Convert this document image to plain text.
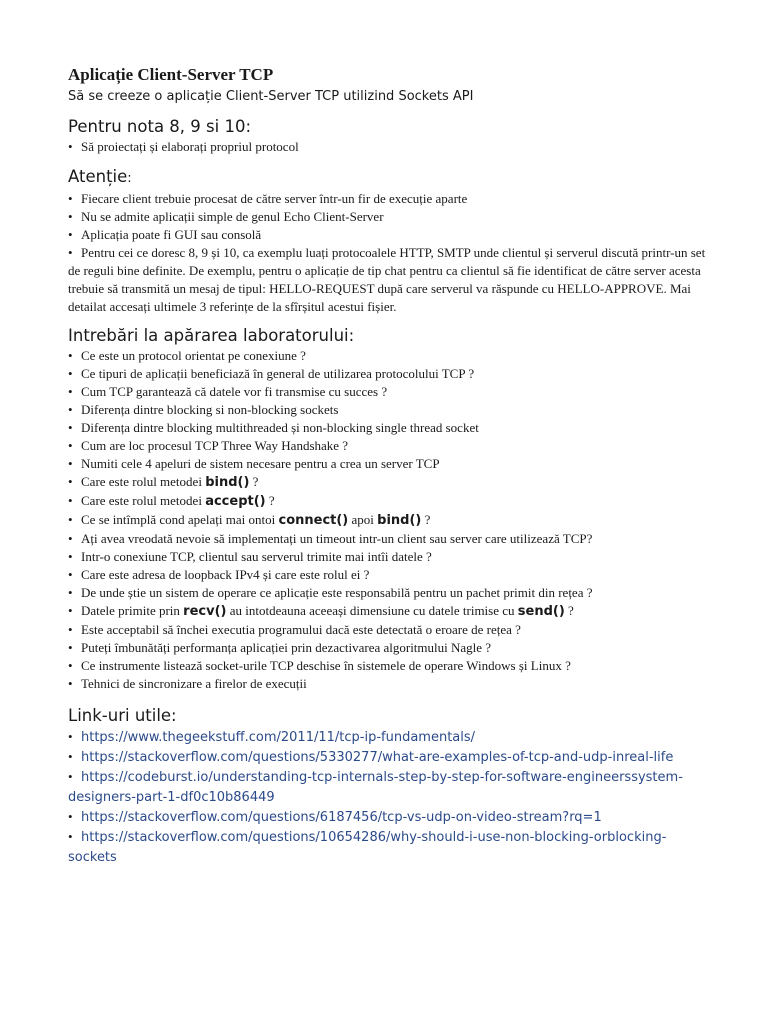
Aplicație Client-Server TCP

Să se creeze o aplicație Client-Server TCP utilizind Sockets API

Pentru nota 8, 9 si 10:
• Să proiectați și elaborați propriul protocol
Atenție:
• Fiecare client trebuie procesat de către server într-un fir de execuție aparte
• Nu se admite aplicații simple de genul Echo Client-Server
• Aplicația poate fi GUI sau consolă
• Pentru cei ce doresc 8, 9 și 10, ca exemplu luați protocoalele HTTP, SMTP unde clientul și serverul discută printr-un set de reguli bine definite. De exemplu, pentru o aplicație de tip chat pentru ca clientul să fie identificat de către server acesta trebuie să transmită un mesaj de tipul: HELLO-REQUEST după care serverul va răspunde cu HELLO-APPROVE. Mai detailat accesați ultimele 3 referințe de la sfîrșitul acestui fișier.
Intrebări la apărarea laboratorului:
• Ce este un protocol orientat pe conexiune ?
• Ce tipuri de aplicații beneficiază în general de utilizarea protocolului TCP ?
• Cum TCP garantează că datele vor fi transmise cu succes ?
• Diferența dintre blocking si non-blocking sockets
• Diferența dintre blocking multithreaded și non-blocking single thread socket
• Cum are loc procesul TCP Three Way Handshake ?
• Numiti cele 4 apeluri de sistem necesare pentru a crea un server TCP
• Care este rolul metodei bind() ?
• Care este rolul metodei accept() ?
• Ce se intîmplă cond apelați mai ontoi connect() apoi bind() ?
• Ați avea vreodată nevoie să implementați un timeout intr-un client sau server care utilizează TCP?
• Intr-o conexiune TCP, clientul sau serverul trimite mai intîi datele ?
• Care este adresa de loopback IPv4 și care este rolul ei ?
• De unde știe un sistem de operare ce aplicație este responsabilă pentru un pachet primit din rețea ?
• Datele primite prin recv() au intotdeauna aceeași dimensiune cu datele trimise cu send() ?
• Este acceptabil să închei executia programului dacă este detectată o eroare de rețea ?
• Puteți îmbunătăți performanța aplicației prin dezactivarea algoritmului Nagle ?
• Ce instrumente listează socket-urile TCP deschise în sistemele de operare Windows și Linux ?
• Tehnici de sincronizare a firelor de execuții
Link-uri utile:
• https://www.thegeekstuff.com/2011/11/tcp-ip-fundamentals/
• https://stackoverflow.com/questions/5330277/what-are-examples-of-tcp-and-udp-inreal-life
• https://codeburst.io/understanding-tcp-internals-step-by-step-for-software-engineerssystem-designers-part-1-df0c10b86449
• https://stackoverflow.com/questions/6187456/tcp-vs-udp-on-video-stream?rq=1
• https://stackoverflow.com/questions/10654286/why-should-i-use-non-blocking-orblocking-sockets
